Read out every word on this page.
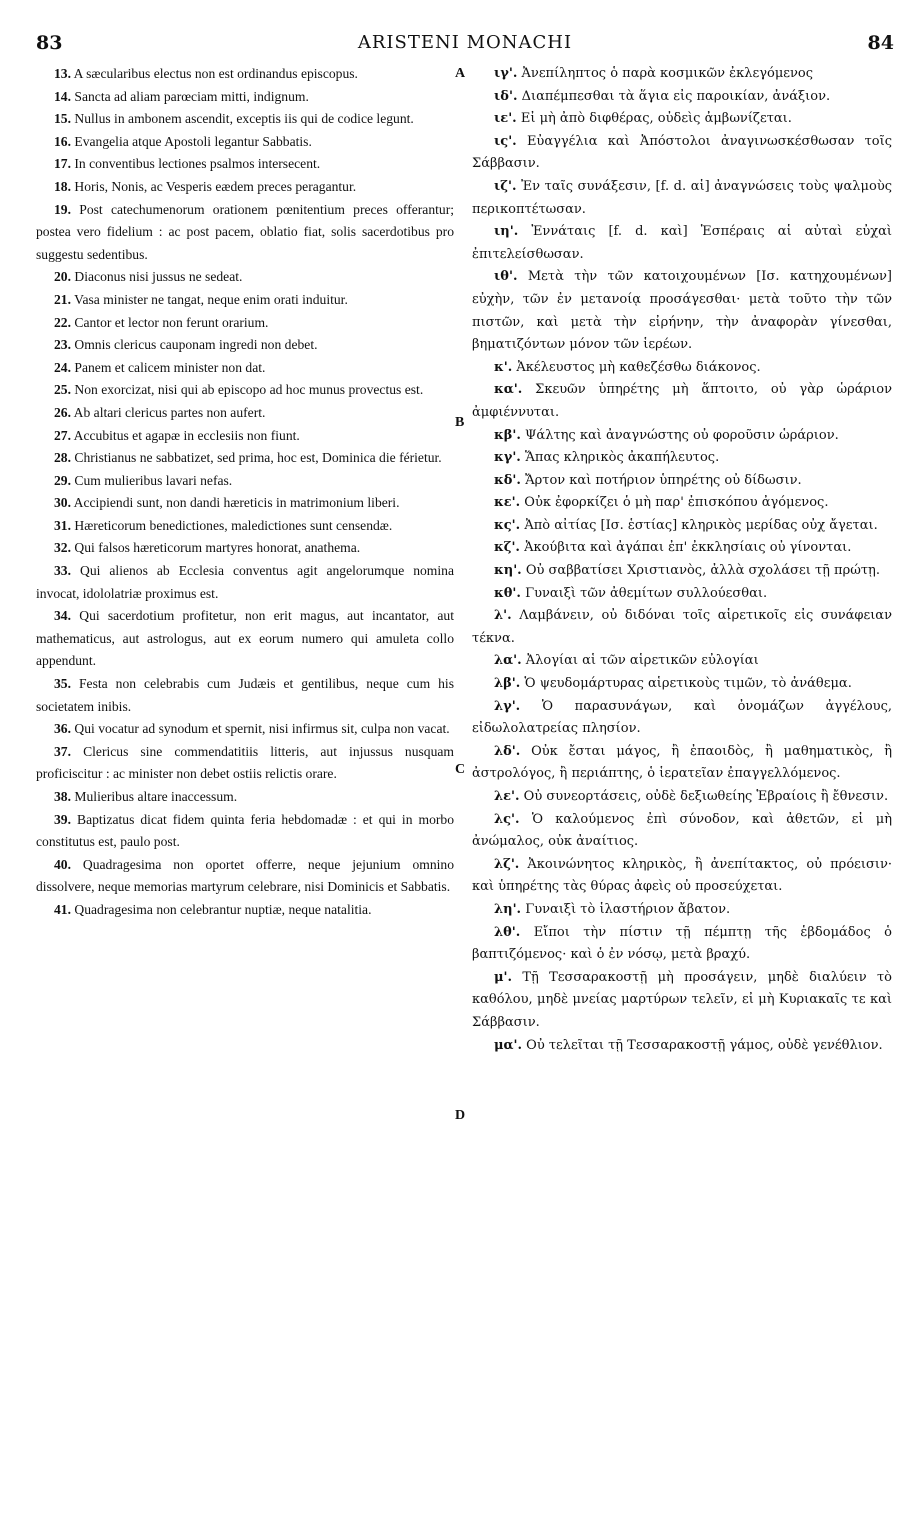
83	ARISTENI MONACHI	84
A
B
C
D

13. A sæcularibus electus non est ordinandus episcopus.

14. Sancta ad aliam parœciam mitti, indignum.

15. Nullus in ambonem ascendit, exceptis iis qui de codice legunt.

16. Evangelia atque Apostoli legantur Sabbatis.

17. In conventibus lectiones psalmos intersecent.

18. Horis, Nonis, ac Vesperis eædem preces peragantur.

19. Post catechumenorum orationem pœnitentium preces offerantur; postea vero fidelium : ac post pacem, oblatio fiat, solis sacerdotibus pro suggestu sedentibus.

20. Diaconus nisi jussus ne sedeat.

21. Vasa minister ne tangat, neque enim orati induitur.

22. Cantor et lector non ferunt orarium.

23. Omnis clericus cauponam ingredi non debet.

24. Panem et calicem minister non dat.

25. Non exorcizat, nisi qui ab episcopo ad hoc munus provectus est.

26. Ab altari clericus partes non aufert.

27. Accubitus et agapæ in ecclesiis non fiunt.

28. Christianus ne sabbatizet, sed prima, hoc est, Dominica die férietur.

29. Cum mulieribus lavari nefas.

30. Accipiendi sunt, non dandi hæreticis in matrimonium liberi.

31. Hæreticorum benedictiones, maledictiones sunt censendæ.

32. Qui falsos hæreticorum martyres honorat, anathema.

33. Qui alienos ab Ecclesia conventus agit angelorumque nomina invocat, idololatriæ proximus est.

34. Qui sacerdotium profitetur, non erit magus, aut incantator, aut mathematicus, aut astrologus, aut ex eorum numero qui amuleta collo appendunt.

35. Festa non celebrabis cum Judæis et gentilibus, neque cum his societatem inibis.

36. Qui vocatur ad synodum et spernit, nisi infirmus sit, culpa non vacat.

37. Clericus sine commendatitiis litteris, aut injussus nusquam proficiscitur : ac minister non debet ostiis relictis orare.

38. Mulieribus altare inaccessum.

39. Baptizatus dicat fidem quinta feria hebdomadæ : et qui in morbo constitutus est, paulo post.

40. Quadragesima non oportet offerre, neque jejunium omnino dissolvere, neque memorias martyrum celebrare, nisi Dominicis et Sabbatis.

41. Quadragesima non celebrantur nuptiæ, neque natalitia.

ιγ'. Ἀνεπίληπτος ὁ παρὰ κοσμικῶν ἐκλεγόμενος

ιδ'. Διαπέμπεσθαι τὰ ἅγια εἰς παροικίαν, ἀνάξιον.

ιε'. Εἰ μὴ ἀπὸ διφθέρας, οὐδεὶς ἀμβωνίζεται.

ις'. Εὐαγγέλια καὶ Ἀπόστολοι ἀναγινωσκέσθωσαν τοῖς Σάββασιν.

ιζ'. Ἐν ταῖς συνάξεσιν, [f. d. αἱ] ἀναγνώσεις τοὺς ψαλμοὺς περικοπτέτωσαν.

ιη'. Ἐννάταις [f. d. καὶ] Ἑσπέραις αἱ αὐταὶ εὐχαὶ ἐπιτελείσθωσαν.

ιθ'. Μετὰ τὴν τῶν κατοιχουμένων [Ισ. κατηχουμένων] εὐχὴν, τῶν ἐν μετανοίᾳ προσάγεσθαι· μετὰ τοῦτο τὴν τῶν πιστῶν, καὶ μετὰ τὴν εἰρήνην, τὴν ἀναφορὰν γίνεσθαι, βηματιζόντων μόνον τῶν ἱερέων.

κ'. Ἀκέλευστος μὴ καθεζέσθω διάκονος.

κα'. Σκευῶν ὑπηρέτης μὴ ἅπτοιτο, οὐ γὰρ ὡράριον ἀμφιέννυται.

κβ'. Ψάλτης καὶ ἀναγνώστης οὐ φοροῦσιν ὡράριον.

κγ'. Ἅπας κληρικὸς ἀκαπήλευτος.

κδ'. Ἄρτον καὶ ποτήριον ὑπηρέτης οὐ δίδωσιν.

κε'. Οὐκ ἐφορκίζει ὁ μὴ παρ' ἐπισκόπου ἀγόμενος.

κς'. Ἀπὸ αἰτίας [Ισ. ἑστίας] κληρικὸς μερίδας οὐχ ἄγεται.

κζ'. Ἀκούβιτα καὶ ἀγάπαι ἐπ' ἐκκλησίαις οὐ γίνονται.

κη'. Οὐ σαββατίσει Χριστιανὸς, ἀλλὰ σχολάσει τῇ πρώτῃ.

κθ'. Γυναιξὶ τῶν ἀθεμίτων συλλούεσθαι.

λ'. Λαμβάνειν, οὐ διδόναι τοῖς αἱρετικοῖς εἰς συνάφειαν τέκνα.

λα'. Ἀλογίαι αἱ τῶν αἱρετικῶν εὐλογίαι

λβ'. Ὁ ψευδομάρτυρας αἱρετικοὺς τιμῶν, τὸ ἀνάθεμα.

λγ'. Ὁ παρασυνάγων, καὶ ὀνομάζων ἀγγέλους, εἰδωλολατρείας πλησίον.

λδ'. Οὐκ ἔσται μάγος, ἢ ἐπαοιδὸς, ἢ μαθηματικὸς, ἢ ἀστρολόγος, ἢ περιάπτης, ὁ ἱερατεῖαν ἐπαγγελλόμενος.

λε'. Οὐ συνεορτάσεις, οὐδὲ δεξιωθείης Ἑβραίοις ἢ ἔθνεσιν.

λς'. Ὁ καλούμενος ἐπὶ σύνοδον, καὶ ἀθετῶν, εἰ μὴ ἀνώμαλος, οὐκ ἀναίτιος.

λζ'. Ἀκοινώνητος κληρικὸς, ἢ ἀνεπίτακτος, οὐ πρόεισιν· καὶ ὑπηρέτης τὰς θύρας ἀφεὶς οὐ προσεύχεται.

λη'. Γυναιξὶ τὸ ἱλαστήριον ἄβατον.

λθ'. Εἴποι τὴν πίστιν τῇ πέμπτῃ τῆς ἑβδομάδος ὁ βαπτιζόμενος· καὶ ὁ ἐν νόσῳ, μετὰ βραχύ.

μ'. Τῇ Τεσσαρακοστῇ μὴ προσάγειν, μηδὲ διαλύειν τὸ καθόλου, μηδὲ μνείας μαρτύρων τελεῖν, εἰ μὴ Κυριακαῖς τε καὶ Σάββασιν.

μα'. Οὐ τελεῖται τῇ Τεσσαρακοστῇ γάμος, οὐδὲ γενέθλιον.
